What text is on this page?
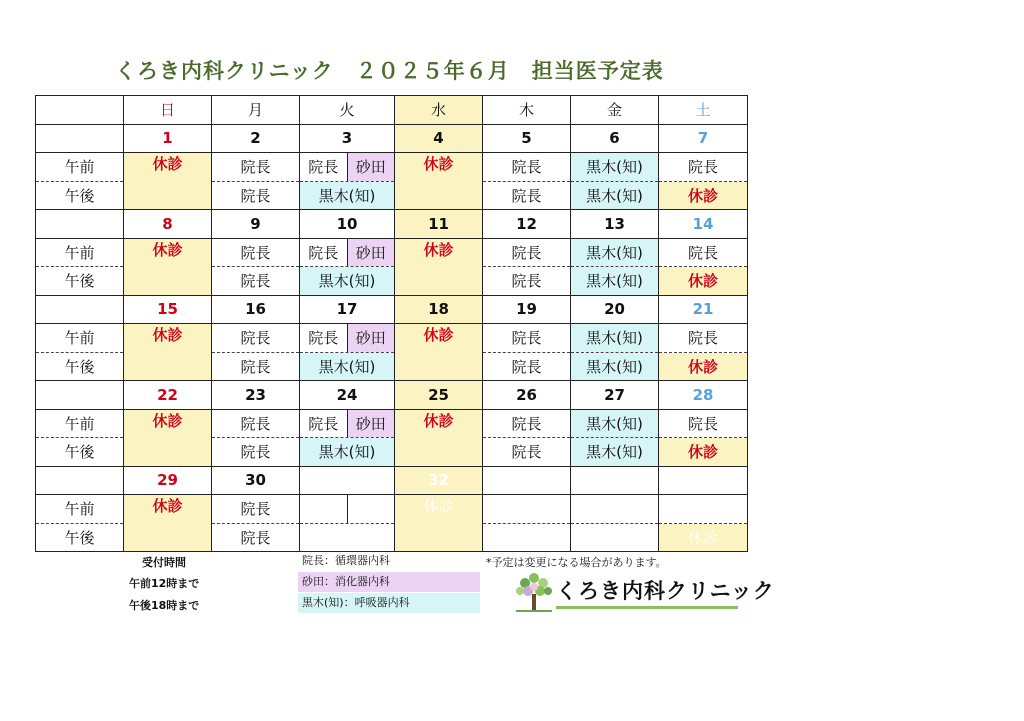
くろき内科クリニック　２０２５年６月　担当医予定表
	日	月	火	水	木	金	土
	1	2	3	4	5	6	7
午前	休診	院長	院長 砂田	休診	院長	黒木(知)	院長
午後		院長	黒木(知)		院長	黒木(知)	休診
	8	9	10	11	12	13	14
午前	休診	院長	院長 砂田	休診	院長	黒木(知)	院長
午後		院長	黒木(知)		院長	黒木(知)	休診
	15	16	17	18	19	20	21
午前	休診	院長	院長 砂田	休診	院長	黒木(知)	院長
午後		院長	黒木(知)		院長	黒木(知)	休診
	22	23	24	25	26	27	28
午前	休診	院長	院長 砂田	休診	院長	黒木(知)	院長
午後		院長	黒木(知)		院長	黒木(知)	休診
	29	30		32			
午前	休診	院長		休診			
午後		院長					休診
受付時間
午前12時まで
午後18時まで
院長：循環器内科
砂田：消化器内科
黒木(知)：呼吸器内科
*予定は変更になる場合があります。
くろき内科クリニック
